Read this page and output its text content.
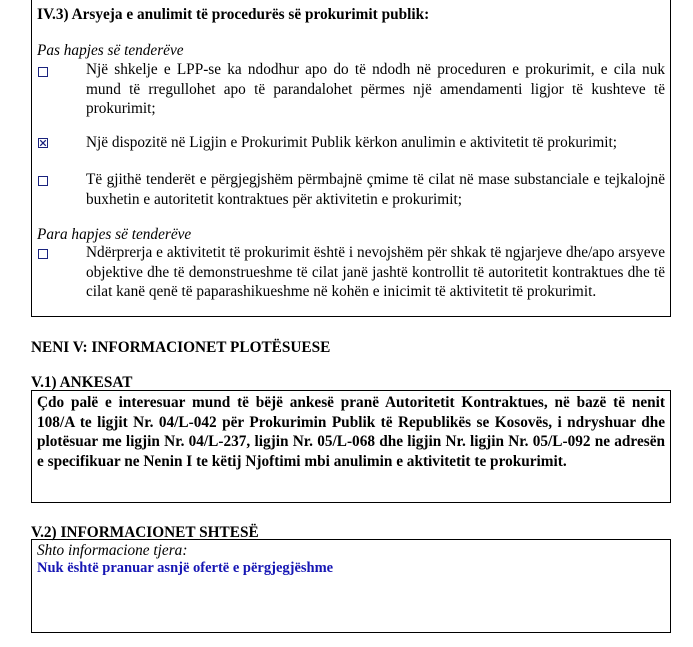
IV.3) Arsyeja e anulimit të procedurës së prokurimit publik:
Pas hapjes së tenderëve
Një shkelje e LPP-se ka ndodhur apo do të ndodh në proceduren e prokurimit, e cila nuk mund të rregullohet apo të parandalohet përmes një amendamenti ligjor të kushteve të prokurimit;
Një dispozitë në Ligjin e Prokurimit Publik kërkon anulimin e aktivitetit të prokurimit;
Të gjithë tenderët e përgjegjshëm përmbajnë çmime të cilat në mase substanciale e tejkalojnë buxhetin e autoritetit kontraktues për aktivitetin e prokurimit;
Para hapjes së tenderëve
Ndërprerja e aktivitetit të prokurimit është i nevojshëm për shkak të ngjarjeve dhe/apo arsyeve objektive dhe të demonstrueshme të cilat janë jashtë kontrollit të autoritetit kontraktues dhe të cilat kanë qenë të paparashikueshme në kohën e inicimit të aktivitetit të prokurimit.
NENI V: INFORMACIONET PLOTËSUESE
V.1) ANKESAT
Çdo palë e interesuar mund të bëjë ankesë pranë Autoritetit Kontraktues, në bazë të nenit 108/A te ligjit Nr. 04/L-042 për Prokurimin Publik të Republikës se Kosovës, i ndryshuar dhe plotësuar me ligjin Nr. 04/L-237, ligjin Nr. 05/L-068 dhe ligjin Nr. ligjin Nr. 05/L-092 ne adresën e specifikuar ne Nenin I te këtij Njoftimi mbi anulimin e aktivitetit te prokurimit.
V.2) INFORMACIONET SHTESË
Shto informacione tjera:
Nuk është pranuar asnjë ofertë e përgjegjëshme
